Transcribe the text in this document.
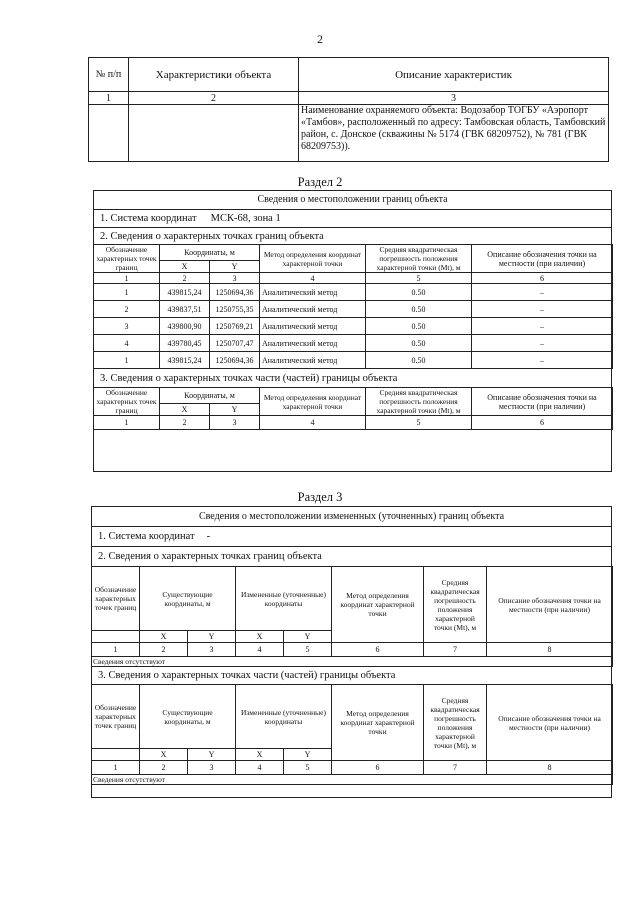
2
№ п/п	Характеристики объекта	Описание характеристик
1	2	3
		Наименование охраняемого объекта: Водозабор ТОГБУ «Аэропорт «Тамбов», расположенный по адресу: Тамбовская область, Тамбовский район, с. Донское (скважины № 5174 (ГВК 68209752), № 781 (ГВК 68209753)).
Раздел 2
Сведения о местоположении границ объекта
1. Система координат МСК-68, зона 1
2. Сведения о характерных точках границ объекта
Обозначение характерных точек границ	Координаты, м		Метод определения координат характерной точки	Средняя квадратическая погрешность положения характерной точки (Mt), м	Описание обозначения точки на местности (при наличии)
	X	Y			
1	2	3	4	5	6
1	439815,24	1250694,36	Аналитический метод	0.50	–
2	439837,51	1250755,35	Аналитический метод	0.50	–
3	439800,90	1250769,21	Аналитический метод	0.50	–
4	439780,45	1250707,47	Аналитический метод	0.50	–
1	439815,24	1250694,36	Аналитический метод	0.50	–
3. Сведения о характерных точках части (частей) границы объекта
Обозначение характерных точек границ	Координаты, м		Метод определения координат характерной точки	Средняя квадратическая погрешность положения характерной точки (Mt), м	Описание обозначения точки на местности (при наличии)
	X	Y			
1	2	3	4	5	6
Раздел 3
Сведения о местоположении измененных (уточненных) границ объекта
1. Система координат -
2. Сведения о характерных точках границ объекта
Обозначение характерных точек границ	Существующие координаты, м		Измененные (уточненные) координаты		Метод определения координат характерной точки	Средняя квадратическая погрешность положения характерной точки (Mt), м	Описание обозначения точки на местности (при наличии)
	X	Y	X	Y			
1	2	3	4	5	6	7	8
Сведения отсутствуют							
3. Сведения о характерных точках части (частей) границы объекта
Обозначение характерных точек границ	Существующие координаты, м		Измененные (уточненные) координаты		Метод определения координат характерной точки	Средняя квадратическая погрешность положения характерной точки (Mt), м	Описание обозначения точки на местности (при наличии)
	X	Y	X	Y			
1	2	3	4	5	6	7	8
Сведения отсутствуют							
